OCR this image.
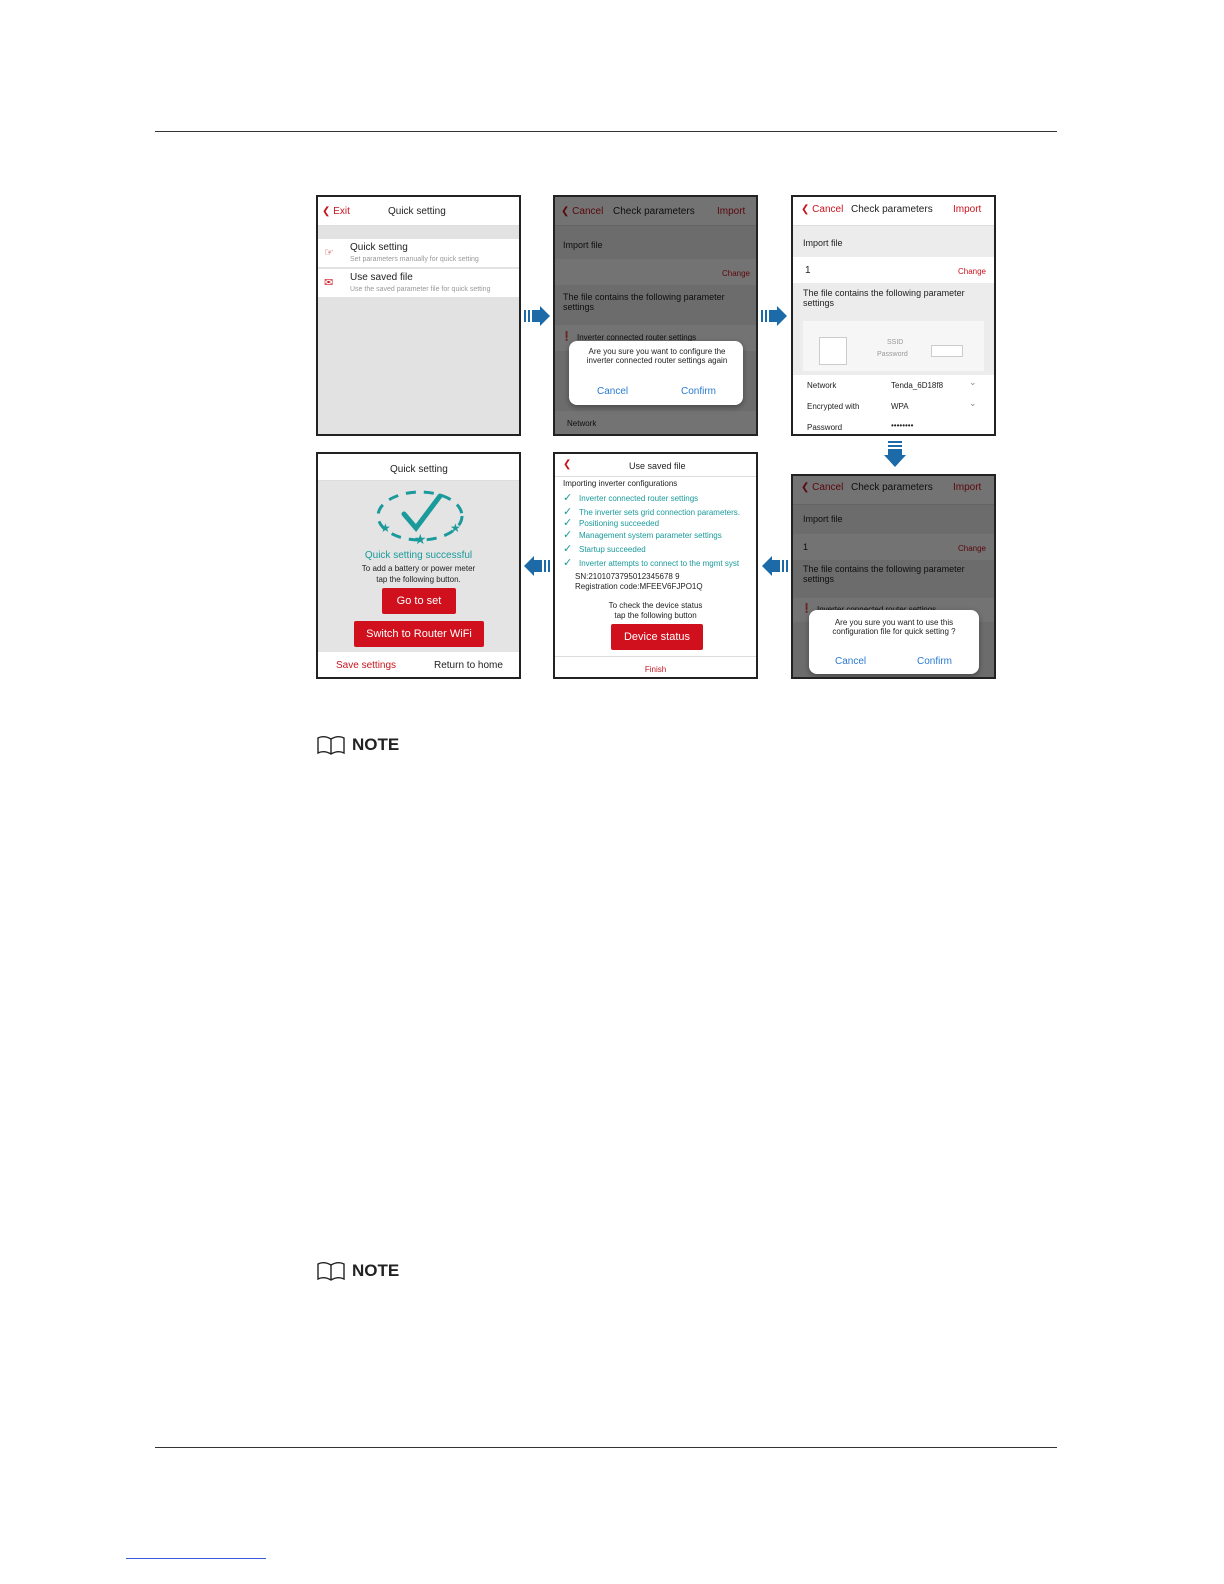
❮ Exit	Quick setting
☞ Quick setting
Set parameters manually for quick setting
✉ Use saved file
Use the saved parameter file for quick setting
Are you sure you want to configure the inverter connected router settings again
Cancel	Confirm
❮ Cancel Check parameters Import
Import file
1	Change
The file contains the following parameter settings
SSID
Password
Network	Tenda_6D18f8	⌄
Encrypted with	WPA	⌄
Password	••••••••
Are you sure you want to use this configuration file for quick setting ?
Cancel	Confirm
❮	Use saved file
Importing inverter configurations
✓ Inverter connected router settings
✓ The inverter sets grid connection parameters.
✓ Positioning succeeded
✓ Management system parameter settings
✓ Startup succeeded
✓ Inverter attempts to connect to the mgmt syst
SN:2101073795012345678 9
Registration code:MFEEV6FJPO1Q
To check the device status
tap the following button
Device status
Finish
Quick setting
★	★
★
Quick setting successful
To add a battery or power meter
tap the following button.
Go to set
Switch to Router WiFi
Save settings	Return to home
NOTE
NOTE
